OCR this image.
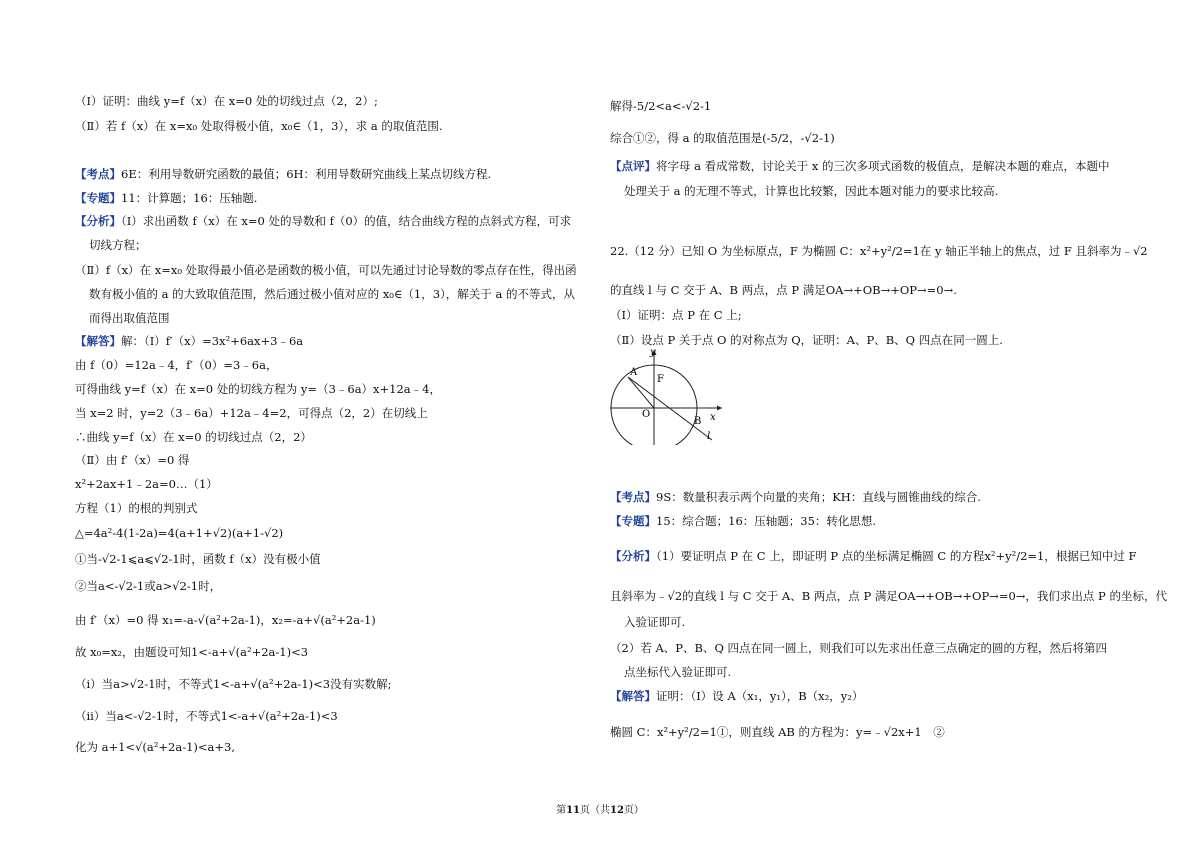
（Ⅰ）证明：曲线 y=f（x）在 x=0 处的切线过点（2，2）;
（Ⅱ）若 f（x）在 x=x₀ 处取得极小值，x₀∈（1，3），求 a 的取值范围.
【考点】6E：利用导数研究函数的最值；6H：利用导数研究曲线上某点切线方程.
【专题】11：计算题；16：压轴题.
【分析】（Ⅰ）求出函数 f（x）在 x=0 处的导数和 f（0）的值，结合曲线方程的点斜式方程，可求
切线方程；
（Ⅱ）f（x）在 x=x₀ 处取得最小值必是函数的极小值，可以先通过讨论导数的零点存在性，得出函
数有极小值的 a 的大致取值范围，然后通过极小值对应的 x₀∈（1，3），解关于 a 的不等式，从
而得出取值范围
【解答】解：（Ⅰ）f′（x）=3x²+6ax+3﹣6a
由 f（0）=12a﹣4，f′（0）=3﹣6a，
可得曲线 y=f（x）在 x=0 处的切线方程为 y=（3﹣6a）x+12a﹣4，
当 x=2 时，y=2（3﹣6a）+12a﹣4=2，可得点（2，2）在切线上
∴曲线 y=f（x）在 x=0 的切线过点（2，2）
（Ⅱ）由 f′（x）=0 得
x²+2ax+1﹣2a=0…（1）
方程（1）的根的判别式
△=4a²-4(1-2a)=4(a+1+√2)(a+1-√2)
①当-√2-1⩽a⩽√2-1时，函数 f（x）没有极小值
②当a<-√2-1或a>√2-1时，
由 f′（x）=0 得 x₁=-a-√(a²+2a-1)，x₂=-a+√(a²+2a-1)
故 x₀=x₂，由题设可知1<-a+√(a²+2a-1)<3
（i）当a>√2-1时，不等式1<-a+√(a²+2a-1)<3没有实数解;
（ii）当a<-√2-1时，不等式1<-a+√(a²+2a-1)<3
化为 a+1<√(a²+2a-1)<a+3,
解得-5/2<a<-√2-1
综合①②，得 a 的取值范围是(-5/2，-√2-1)
【点评】将字母 a 看成常数，讨论关于 x 的三次多项式函数的极值点，是解决本题的难点，本题中
处理关于 a 的无理不等式，计算也比较繁，因此本题对能力的要求比较高.
22.（12 分）已知 O 为坐标原点，F 为椭圆 C：x²+y²/2=1在 y 轴正半轴上的焦点，过 F 且斜率为﹣√2
的直线 l 与 C 交于 A、B 两点，点 P 满足OA→+OB→+OP→=0→.
（Ⅰ）证明：点 P 在 C 上;
（Ⅱ）设点 P 关于点 O 的对称点为 Q，证明：A、P、B、Q 四点在同一圆上.
【考点】9S：数量积表示两个向量的夹角；KH：直线与圆锥曲线的综合.
【专题】15：综合题；16：压轴题；35：转化思想.
【分析】（1）要证明点 P 在 C 上，即证明 P 点的坐标满足椭圆 C 的方程x²+y²/2=1，根据已知中过 F
且斜率为﹣√2的直线 l 与 C 交于 A、B 两点，点 P 满足OA→+OB→+OP→=0→，我们求出点 P 的坐标，代
入验证即可.
（2）若 A、P、B、Q 四点在同一圆上，则我们可以先求出任意三点确定的圆的方程，然后将第四
点坐标代入验证即可.
【解答】证明：（Ⅰ）设 A（x₁，y₁），B（x₂，y₂）
椭圆 C：x²+y²/2=1①，则直线 AB 的方程为：y=﹣√2x+1　②
y
A
F
O	x
B
l
第11页（共12页）
